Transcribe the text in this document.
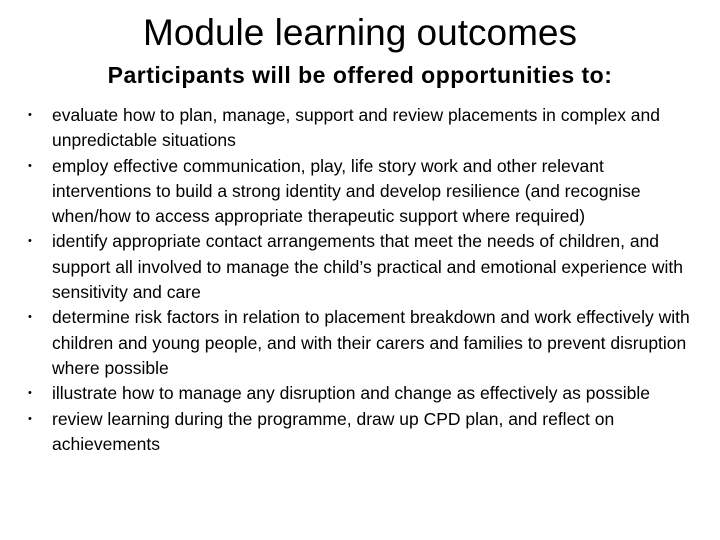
Module learning outcomes
Participants will be offered opportunities to:
• evaluate how to plan, manage, support and review placements in complex and unpredictable situations
• employ effective communication, play, life story work and other relevant interventions to build a strong identity and develop resilience (and recognise when/how to access appropriate therapeutic support where required)
• identify appropriate contact arrangements that meet the needs of children, and support all involved to manage the child’s practical and emotional experience with sensitivity and care
• determine risk factors in relation to placement breakdown and work effectively with children and young people, and with their carers and families to prevent disruption where possible
• illustrate how to manage any disruption and change as effectively as possible
• review learning during the programme, draw up CPD plan, and reflect on achievements
